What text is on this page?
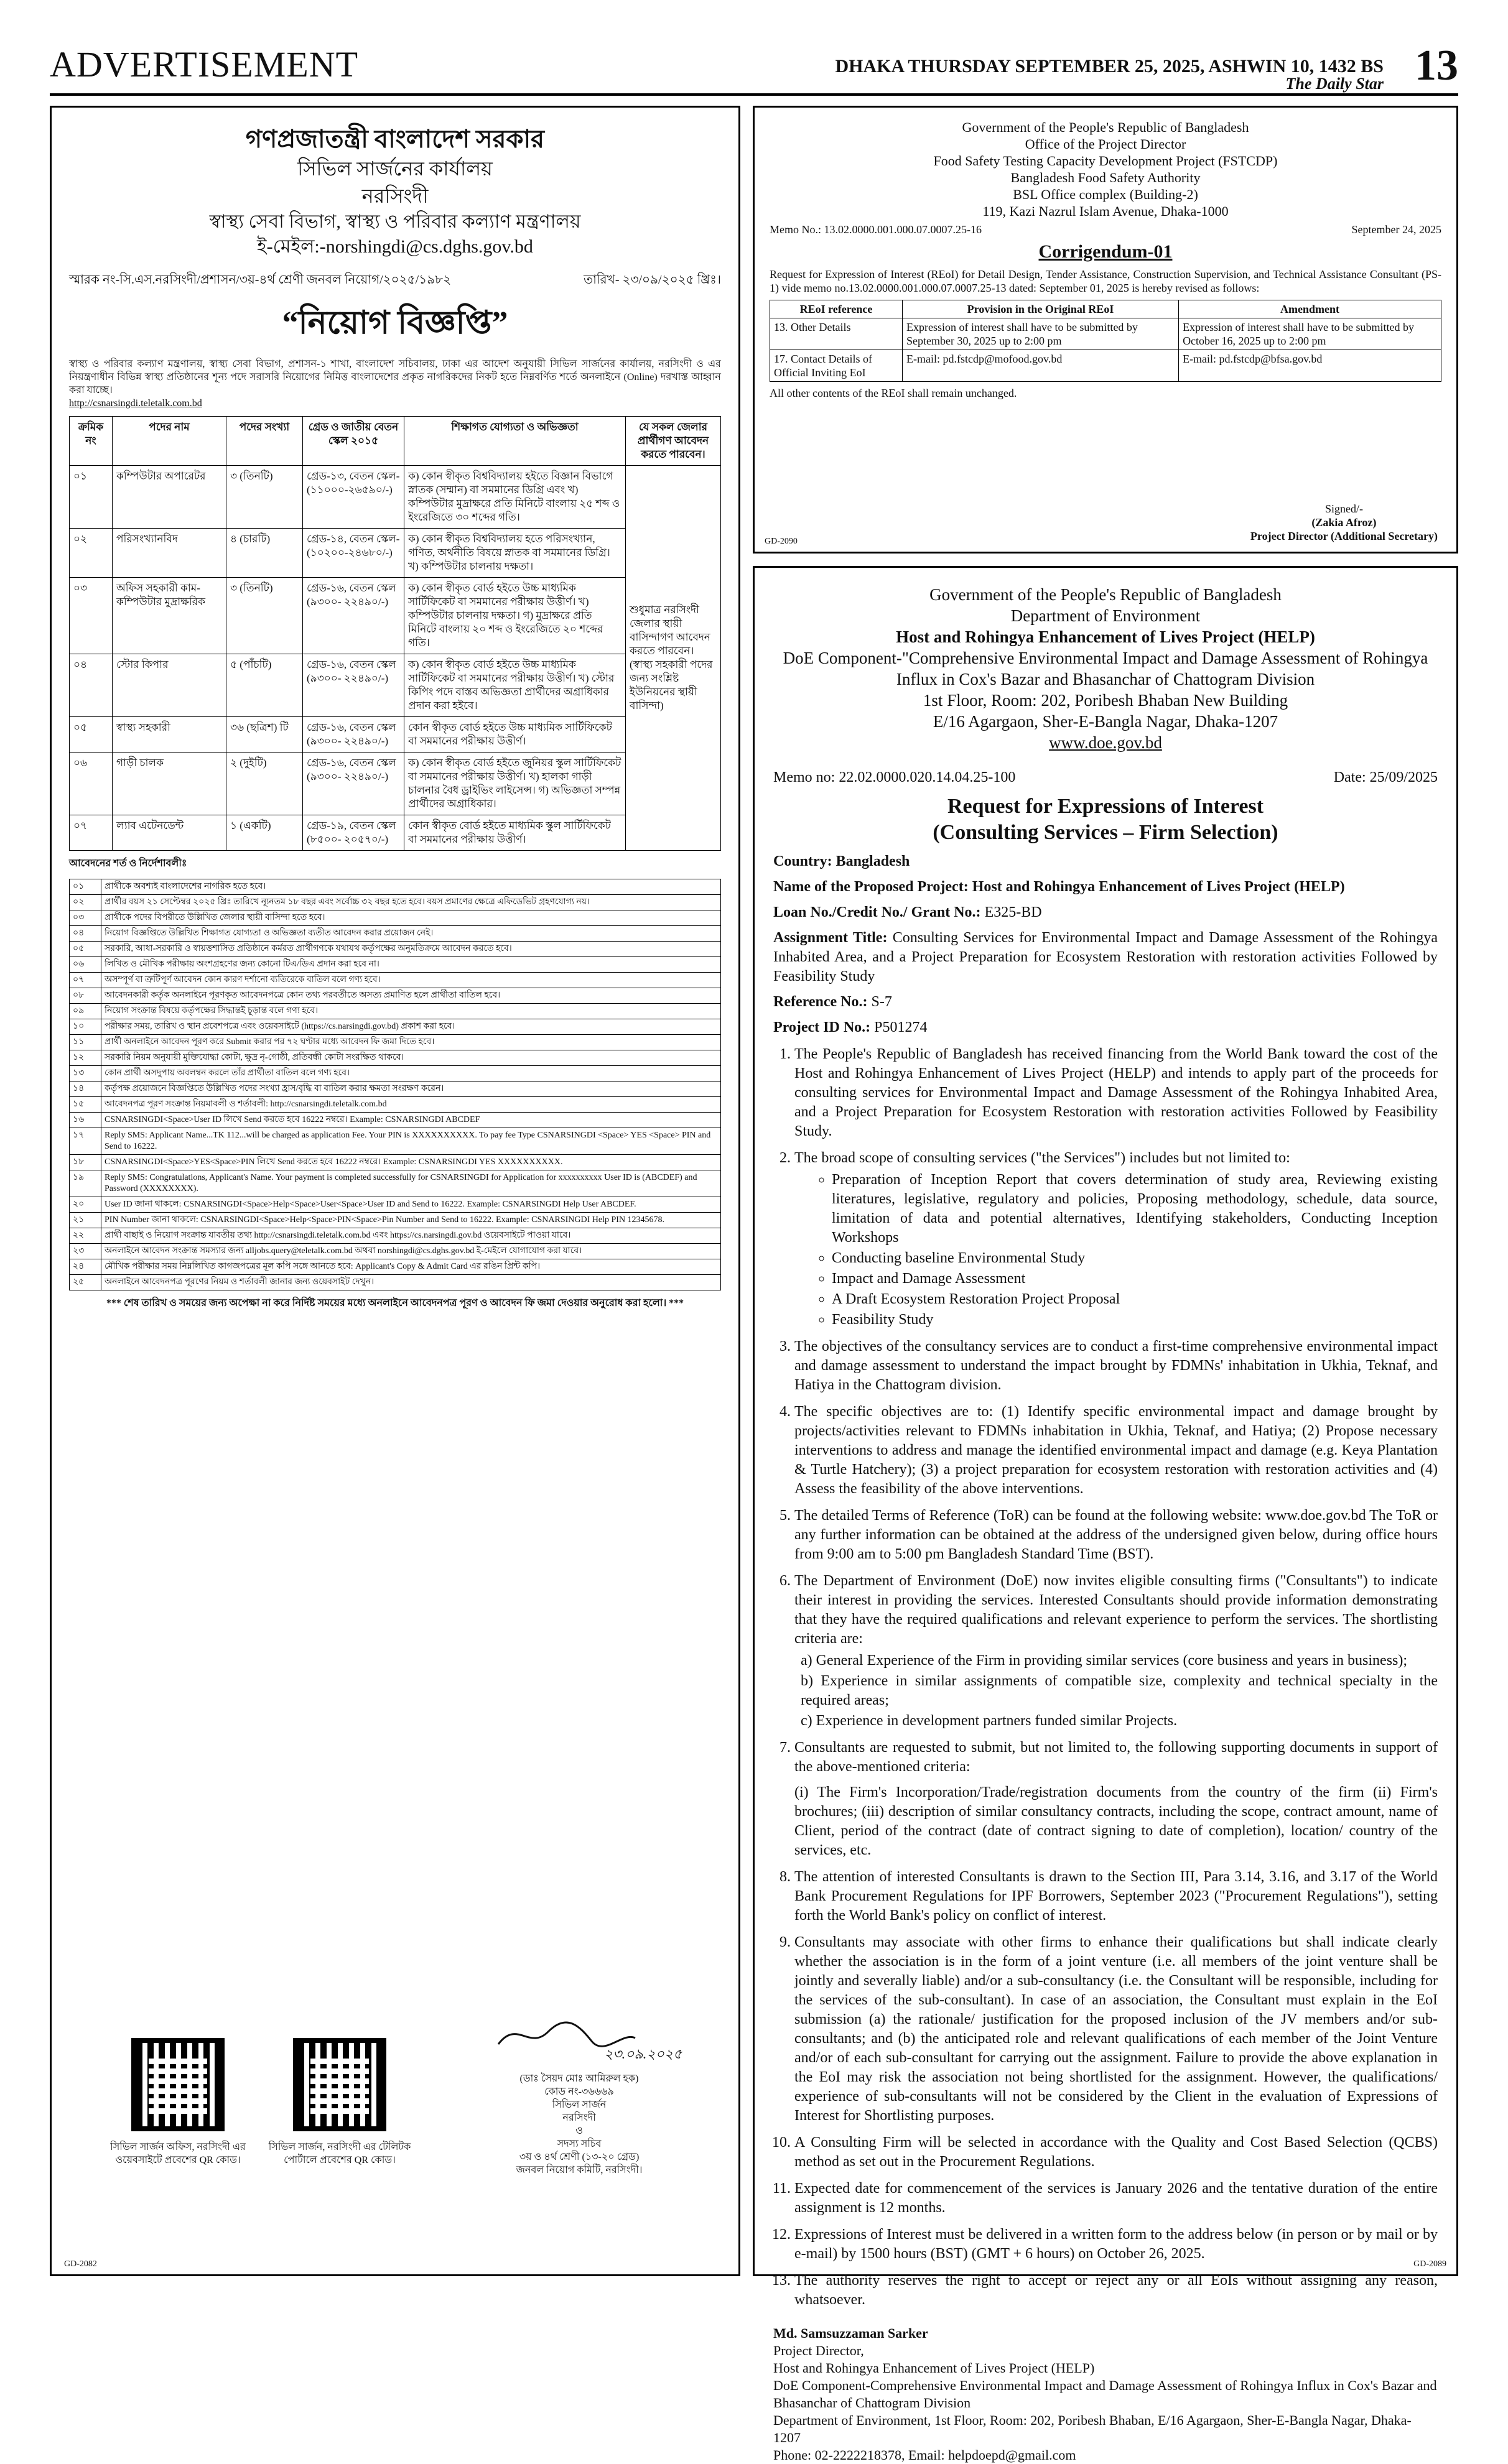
ADVERTISEMENT	DHAKA THURSDAY SEPTEMBER 25, 2025, ASHWIN 10, 1432 BS
The Daily Star 13
গণপ্রজাতন্ত্রী বাংলাদেশ সরকার
সিভিল সার্জনের কার্যালয়
নরসিংদী
স্বাস্থ্য সেবা বিভাগ, স্বাস্থ্য ও পরিবার কল্যাণ মন্ত্রণালয়
ই-মেইল:-norshingdi@cs.dghs.gov.bd
স্মারক নং-সি.এস.নরসিংদী/প্রশাসন/৩য়-৪র্থ শ্রেণী জনবল নিয়োগ/২০২৫/১৯৮২	তারিখ- ২৩/০৯/২০২৫ খ্রিঃ।
“নিয়োগ বিজ্ঞপ্তি”
স্বাস্থ্য ও পরিবার কল্যাণ মন্ত্রণালয়, স্বাস্থ্য সেবা বিভাগ, প্রশাসন-১ শাখা, বাংলাদেশ সচিবালয়, ঢাকা এর আদেশ অনুযায়ী সিভিল সার্জনের কার্যালয়, নরসিংদী ও এর নিয়ন্ত্রণাধীন বিভিন্ন স্বাস্থ্য প্রতিষ্ঠানের শূন্য পদে সরাসরি নিয়োগের নিমিত্ত বাংলাদেশের প্রকৃত নাগরিকদের নিকট হতে নিম্নবর্ণিত শর্তে অনলাইনে (Online) দরখাস্ত আহ্বান করা যাচ্ছে।
http://csnarsingdi.teletalk.com.bd
ক্রমিক নং	পদের নাম	পদের সংখ্যা	গ্রেড ও জাতীয় বেতন স্কেল ২০১৫	শিক্ষাগত যোগ্যতা ও অভিজ্ঞতা	যে সকল জেলার প্রার্থীগণ আবেদন করতে পারবেন।
০১	কম্পিউটার অপারেটর	৩ (তিনটি)	গ্রেড-১৩, বেতন স্কেল- (১১০০০-২৬৫৯০/-)	ক) কোন স্বীকৃত বিশ্ববিদ্যালয় হইতে বিজ্ঞান বিভাগে স্নাতক (সম্মান) বা সমমানের ডিগ্রি এবং খ) কম্পিউটার মুদ্রাক্ষরে প্রতি মিনিটে বাংলায় ২৫ শব্দ ও ইংরেজিতে ৩০ শব্দের গতি।	শুধুমাত্র নরসিংদী জেলার স্থায়ী বাসিন্দাগণ আবেদন করতে পারবেন। (স্বাস্থ্য সহকারী পদের জন্য সংশ্লিষ্ট ইউনিয়নের স্থায়ী বাসিন্দা)
০২	পরিসংখ্যানবিদ	৪ (চারটি)	গ্রেড-১৪, বেতন স্কেল- (১০২০০-২৪৬৮০/-)	ক) কোন স্বীকৃত বিশ্ববিদ্যালয় হতে পরিসংখ্যান, গণিত, অর্থনীতি বিষয়ে স্নাতক বা সমমানের ডিগ্রি। খ) কম্পিউটার চালনায় দক্ষতা।	
০৩	অফিস সহকারী কাম- কম্পিউটার মুদ্রাক্ষরিক	৩ (তিনটি)	গ্রেড-১৬, বেতন স্কেল (৯৩০০- ২২৪৯০/-)	ক) কোন স্বীকৃত বোর্ড হইতে উচ্চ মাধ্যমিক সার্টিফিকেট বা সমমানের পরীক্ষায় উত্তীর্ণ। খ) কম্পিউটার চালনায় দক্ষতা। গ) মুদ্রাক্ষরে প্রতি মিনিটে বাংলায় ২০ শব্দ ও ইংরেজিতে ২০ শব্দের গতি।	
০৪	স্টোর কিপার	৫ (পাঁচটি)	গ্রেড-১৬, বেতন স্কেল (৯৩০০- ২২৪৯০/-)	ক) কোন স্বীকৃত বোর্ড হইতে উচ্চ মাধ্যমিক সার্টিফিকেট বা সমমানের পরীক্ষায় উত্তীর্ণ। খ) স্টোর কিপিং পদে বাস্তব অভিজ্ঞতা প্রার্থীদের অগ্রাধিকার প্রদান করা হইবে।	
০৫	স্বাস্থ্য সহকারী	৩৬ (ছত্রিশ) টি	গ্রেড-১৬, বেতন স্কেল (৯৩০০- ২২৪৯০/-)	কোন স্বীকৃত বোর্ড হইতে উচ্চ মাধ্যমিক সার্টিফিকেট বা সমমানের পরীক্ষায় উত্তীর্ণ।	
০৬	গাড়ী চালক	২ (দুইটি)	গ্রেড-১৬, বেতন স্কেল (৯৩০০- ২২৪৯০/-)	ক) কোন স্বীকৃত বোর্ড হইতে জুনিয়র স্কুল সার্টিফিকেট বা সমমানের পরীক্ষায় উত্তীর্ণ। খ) হালকা গাড়ী চালনার বৈধ ড্রাইভিং লাইসেন্স। গ) অভিজ্ঞতা সম্পন্ন প্রার্থীদের অগ্রাধিকার।	
০৭	ল্যাব এটেনডেন্ট	১ (একটি)	গ্রেড-১৯, বেতন স্কেল (৮৫০০- ২০৫৭০/-)	কোন স্বীকৃত বোর্ড হইতে মাধ্যমিক স্কুল সার্টিফিকেট বা সমমানের পরীক্ষায় উত্তীর্ণ।	
আবেদনের শর্ত ও নির্দেশাবলীঃ
০১	প্রার্থীকে অবশ্যই বাংলাদেশের নাগরিক হতে হবে।
০২	প্রার্থীর বয়স ২১ সেপ্টেম্বর ২০২৫ খ্রিঃ তারিখে ন্যূনতম ১৮ বছর এবং সর্বোচ্চ ৩২ বছর হতে হবে। বয়স প্রমাণের ক্ষেত্রে এফিডেভিট গ্রহণযোগ্য নয়।
০৩	প্রার্থীকে পদের বিপরীতে উল্লিখিত জেলার স্থায়ী বাসিন্দা হতে হবে।
০৪	নিয়োগ বিজ্ঞপ্তিতে উল্লিখিত শিক্ষাগত যোগ্যতা ও অভিজ্ঞতা ব্যতীত আবেদন করার প্রয়োজন নেই।
০৫	সরকারি, আধা-সরকারি ও স্বায়ত্তশাসিত প্রতিষ্ঠানে কর্মরত প্রার্থীগণকে যথাযথ কর্তৃপক্ষের অনুমতিক্রমে আবেদন করতে হবে।
০৬	লিখিত ও মৌখিক পরীক্ষায় অংশগ্রহণের জন্য কোনো টিএ/ডিএ প্রদান করা হবে না।
০৭	অসম্পূর্ণ বা ত্রুটিপূর্ণ আবেদন কোন কারণ দর্শানো ব্যতিরেকে বাতিল বলে গণ্য হবে।
০৮	আবেদনকারী কর্তৃক অনলাইনে পূরণকৃত আবেদনপত্রে কোন তথ্য পরবর্তীতে অসত্য প্রমাণিত হলে প্রার্থীতা বাতিল হবে।
০৯	নিয়োগ সংক্রান্ত বিষয়ে কর্তৃপক্ষের সিদ্ধান্তই চূড়ান্ত বলে গণ্য হবে।
১০	পরীক্ষার সময়, তারিখ ও স্থান প্রবেশপত্রে এবং ওয়েবসাইটে (https://cs.narsingdi.gov.bd) প্রকাশ করা হবে।
১১	প্রার্থী অনলাইনে আবেদন পূরণ করে Submit করার পর ৭২ ঘণ্টার মধ্যে আবেদন ফি জমা দিতে হবে।
১২	সরকারি নিয়ম অনুযায়ী মুক্তিযোদ্ধা কোটা, ক্ষুদ্র নৃ-গোষ্ঠী, প্রতিবন্ধী কোটা সংরক্ষিত থাকবে।
১৩	কোন প্রার্থী অসদুপায় অবলম্বন করলে তাঁর প্রার্থীতা বাতিল বলে গণ্য হবে।
১৪	কর্তৃপক্ষ প্রয়োজনে বিজ্ঞপ্তিতে উল্লিখিত পদের সংখ্যা হ্রাস/বৃদ্ধি বা বাতিল করার ক্ষমতা সংরক্ষণ করেন।
১৫	আবেদনপত্র পূরণ সংক্রান্ত নিয়মাবলী ও শর্তাবলী: http://csnarsingdi.teletalk.com.bd
১৬	CSNARSINGDI<Space>User ID লিখে Send করতে হবে 16222 নম্বরে। Example: CSNARSINGDI ABCDEF
১৭	Reply SMS: Applicant Name...TK 112...will be charged as application Fee. Your PIN is XXXXXXXXXX. To pay fee Type CSNARSINGDI <Space> YES <Space> PIN and Send to 16222.
১৮	CSNARSINGDI<Space>YES<Space>PIN লিখে Send করতে হবে 16222 নম্বরে। Example: CSNARSINGDI YES XXXXXXXXXX.
১৯	Reply SMS: Congratulations, Applicant's Name. Your payment is completed successfully for CSNARSINGDI for Application for xxxxxxxxxx User ID is (ABCDEF) and Password (XXXXXXXX).
২০	User ID জানা থাকলে: CSNARSINGDI<Space>Help<Space>User<Space>User ID and Send to 16222. Example: CSNARSINGDI Help User ABCDEF.
২১	PIN Number জানা থাকলে: CSNARSINGDI<Space>Help<Space>PIN<Space>Pin Number and Send to 16222. Example: CSNARSINGDI Help PIN 12345678.
২২	প্রার্থী বাছাই ও নিয়োগ সংক্রান্ত যাবতীয় তথ্য http://csnarsingdi.teletalk.com.bd এবং https://cs.narsingdi.gov.bd ওয়েবসাইটে পাওয়া যাবে।
২৩	অনলাইনে আবেদন সংক্রান্ত সমস্যার জন্য alljobs.query@teletalk.com.bd অথবা norshingdi@cs.dghs.gov.bd ই-মেইলে যোগাযোগ করা যাবে।
২৪	মৌখিক পরীক্ষার সময় নিম্নলিখিত কাগজপত্রের মূল কপি সঙ্গে আনতে হবে: Applicant's Copy & Admit Card এর রঙিন প্রিন্ট কপি।
২৫	অনলাইনে আবেদনপত্র পূরণের নিয়ম ও শর্তাবলী জানার জন্য ওয়েবসাইট দেখুন।
*** শেষ তারিখ ও সময়ের জন্য অপেক্ষা না করে নির্দিষ্ট সময়ের মধ্যে অনলাইনে আবেদনপত্র পূরণ ও আবেদন ফি জমা দেওয়ার অনুরোধ করা হলো। ***
সিভিল সার্জন অফিস, নরসিংদী এর ওয়েবসাইটে প্রবেশের QR কোড।
সিভিল সার্জন, নরসিংদী এর টেলিটক পোর্টালে প্রবেশের QR কোড।
২৩.০৯.২০২৫
(ডাঃ সৈয়দ মোঃ আমিরুল হক)
কোড নং-৩৬৬৬৯
সিভিল সার্জন
নরসিংদী
ও
সদস্য সচিব
৩য় ও ৪র্থ শ্রেণী (১৩-২০ গ্রেড)
জনবল নিয়োগ কমিটি, নরসিংদী।
GD-2082
Government of the People's Republic of Bangladesh
Office of the Project Director
Food Safety Testing Capacity Development Project (FSTCDP)
Bangladesh Food Safety Authority
BSL Office complex (Building-2)
119, Kazi Nazrul Islam Avenue, Dhaka-1000
Memo No.: 13.02.0000.001.000.07.0007.25-16	September 24, 2025
Corrigendum-01
Request for Expression of Interest (REoI) for Detail Design, Tender Assistance, Construction Supervision, and Technical Assistance Consultant (PS-1) vide memo no.13.02.0000.001.000.07.0007.25-13 dated: September 01, 2025 is hereby revised as follows:
REoI reference	Provision in the Original REoI	Amendment
13. Other Details	Expression of interest shall have to be submitted by September 30, 2025 up to 2:00 pm	Expression of interest shall have to be submitted by October 16, 2025 up to 2:00 pm
17. Contact Details of Official Inviting EoI	E-mail: pd.fstcdp@mofood.gov.bd	E-mail: pd.fstcdp@bfsa.gov.bd
All other contents of the REoI shall remain unchanged.
Signed/-
(Zakia Afroz)
Project Director (Additional Secretary)
GD-2090
Government of the People's Republic of Bangladesh
Department of Environment
Host and Rohingya Enhancement of Lives Project (HELP)
DoE Component-"Comprehensive Environmental Impact and Damage Assessment of Rohingya Influx in Cox's Bazar and Bhasanchar of Chattogram Division
1st Floor, Room: 202, Poribesh Bhaban New Building
E/16 Agargaon, Sher-E-Bangla Nagar, Dhaka-1207
www.doe.gov.bd
Memo no: 22.02.0000.020.14.04.25-100	Date: 25/09/2025
Request for Expressions of Interest
(Consulting Services – Firm Selection)

Country: Bangladesh

Name of the Proposed Project: Host and Rohingya Enhancement of Lives Project (HELP)

Loan No./Credit No./ Grant No.: E325-BD

Assignment Title: Consulting Services for Environmental Impact and Damage Assessment of the Rohingya Inhabited Area, and a Project Preparation for Ecosystem Restoration with restoration activities Followed by Feasibility Study

Reference No.: S-7

Project ID No.: P501274

1. The People's Republic of Bangladesh has received financing from the World Bank toward the cost of the Host and Rohingya Enhancement of Lives Project (HELP) and intends to apply part of the proceeds for consulting services for Environmental Impact and Damage Assessment of the Rohingya Inhabited Area, and a Project Preparation for Ecosystem Restoration with restoration activities Followed by Feasibility Study.
2. The broad scope of consulting services ("the Services") includes but not limited to:
◦ Preparation of Inception Report that covers determination of study area, Reviewing existing literatures, legislative, regulatory and policies, Proposing methodology, schedule, data source, limitation of data and potential alternatives, Identifying stakeholders, Conducting Inception Workshops
◦ Conducting baseline Environmental Study
◦ Impact and Damage Assessment
◦ A Draft Ecosystem Restoration Project Proposal
◦ Feasibility Study
3. The objectives of the consultancy services are to conduct a first-time comprehensive environmental impact and damage assessment to understand the impact brought by FDMNs' inhabitation in Ukhia, Teknaf, and Hatiya in the Chattogram division.
4. The specific objectives are to: (1) Identify specific environmental impact and damage brought by projects/activities relevant to FDMNs inhabitation in Ukhia, Teknaf, and Hatiya; (2) Propose necessary interventions to address and manage the identified environmental impact and damage (e.g. Keya Plantation & Turtle Hatchery); (3) a project preparation for ecosystem restoration with restoration activities and (4) Assess the feasibility of the above interventions.
5. The detailed Terms of Reference (ToR) can be found at the following website: www.doe.gov.bd The ToR or any further information can be obtained at the address of the undersigned given below, during office hours from 9:00 am to 5:00 pm Bangladesh Standard Time (BST).
6. The Department of Environment (DoE) now invites eligible consulting firms ("Consultants") to indicate their interest in providing the services. Interested Consultants should provide information demonstrating that they have the required qualifications and relevant experience to perform the services. The shortlisting criteria are:
a) General Experience of the Firm in providing similar services (core business and years in business);
b) Experience in similar assignments of compatible size, complexity and technical specialty in the required areas;
c) Experience in development partners funded similar Projects.
7. Consultants are requested to submit, but not limited to, the following supporting documents in support of the above-mentioned criteria:
(i) The Firm's Incorporation/Trade/registration documents from the country of the firm (ii) Firm's brochures; (iii) description of similar consultancy contracts, including the scope, contract amount, name of Client, period of the contract (date of contract signing to date of completion), location/ country of the services, etc.
8. The attention of interested Consultants is drawn to the Section III, Para 3.14, 3.16, and 3.17 of the World Bank Procurement Regulations for IPF Borrowers, September 2023 ("Procurement Regulations"), setting forth the World Bank's policy on conflict of interest.
9. Consultants may associate with other firms to enhance their qualifications but shall indicate clearly whether the association is in the form of a joint venture (i.e. all members of the joint venture shall be jointly and severally liable) and/or a sub-consultancy (i.e. the Consultant will be responsible, including for the services of the sub-consultant). In case of an association, the Consultant must explain in the EoI submission (a) the rationale/ justification for the proposed inclusion of the JV members and/or sub-consultants; and (b) the anticipated role and relevant qualifications of each member of the Joint Venture and/or of each sub-consultant for carrying out the assignment. Failure to provide the above explanation in the EoI may risk the association not being shortlisted for the assignment. However, the qualifications/ experience of sub-consultants will not be considered by the Client in the evaluation of Expressions of Interest for Shortlisting purposes.
10. A Consulting Firm will be selected in accordance with the Quality and Cost Based Selection (QCBS) method as set out in the Procurement Regulations.
11. Expected date for commencement of the services is January 2026 and the tentative duration of the entire assignment is 12 months.
12. Expressions of Interest must be delivered in a written form to the address below (in person or by mail or by e-mail) by 1500 hours (BST) (GMT + 6 hours) on October 26, 2025.
13. The authority reserves the right to accept or reject any or all EoIs without assigning any reason, whatsoever.
Md. Samsuzzaman Sarker
Project Director,
Host and Rohingya Enhancement of Lives Project (HELP)
DoE Component-Comprehensive Environmental Impact and Damage Assessment of Rohingya Influx in Cox's Bazar and Bhasanchar of Chattogram Division
Department of Environment, 1st Floor, Room: 202, Poribesh Bhaban, E/16 Agargaon, Sher-E-Bangla Nagar, Dhaka-1207
Phone: 02-2222218378, Email: helpdoepd@gmail.com
GD-2089
